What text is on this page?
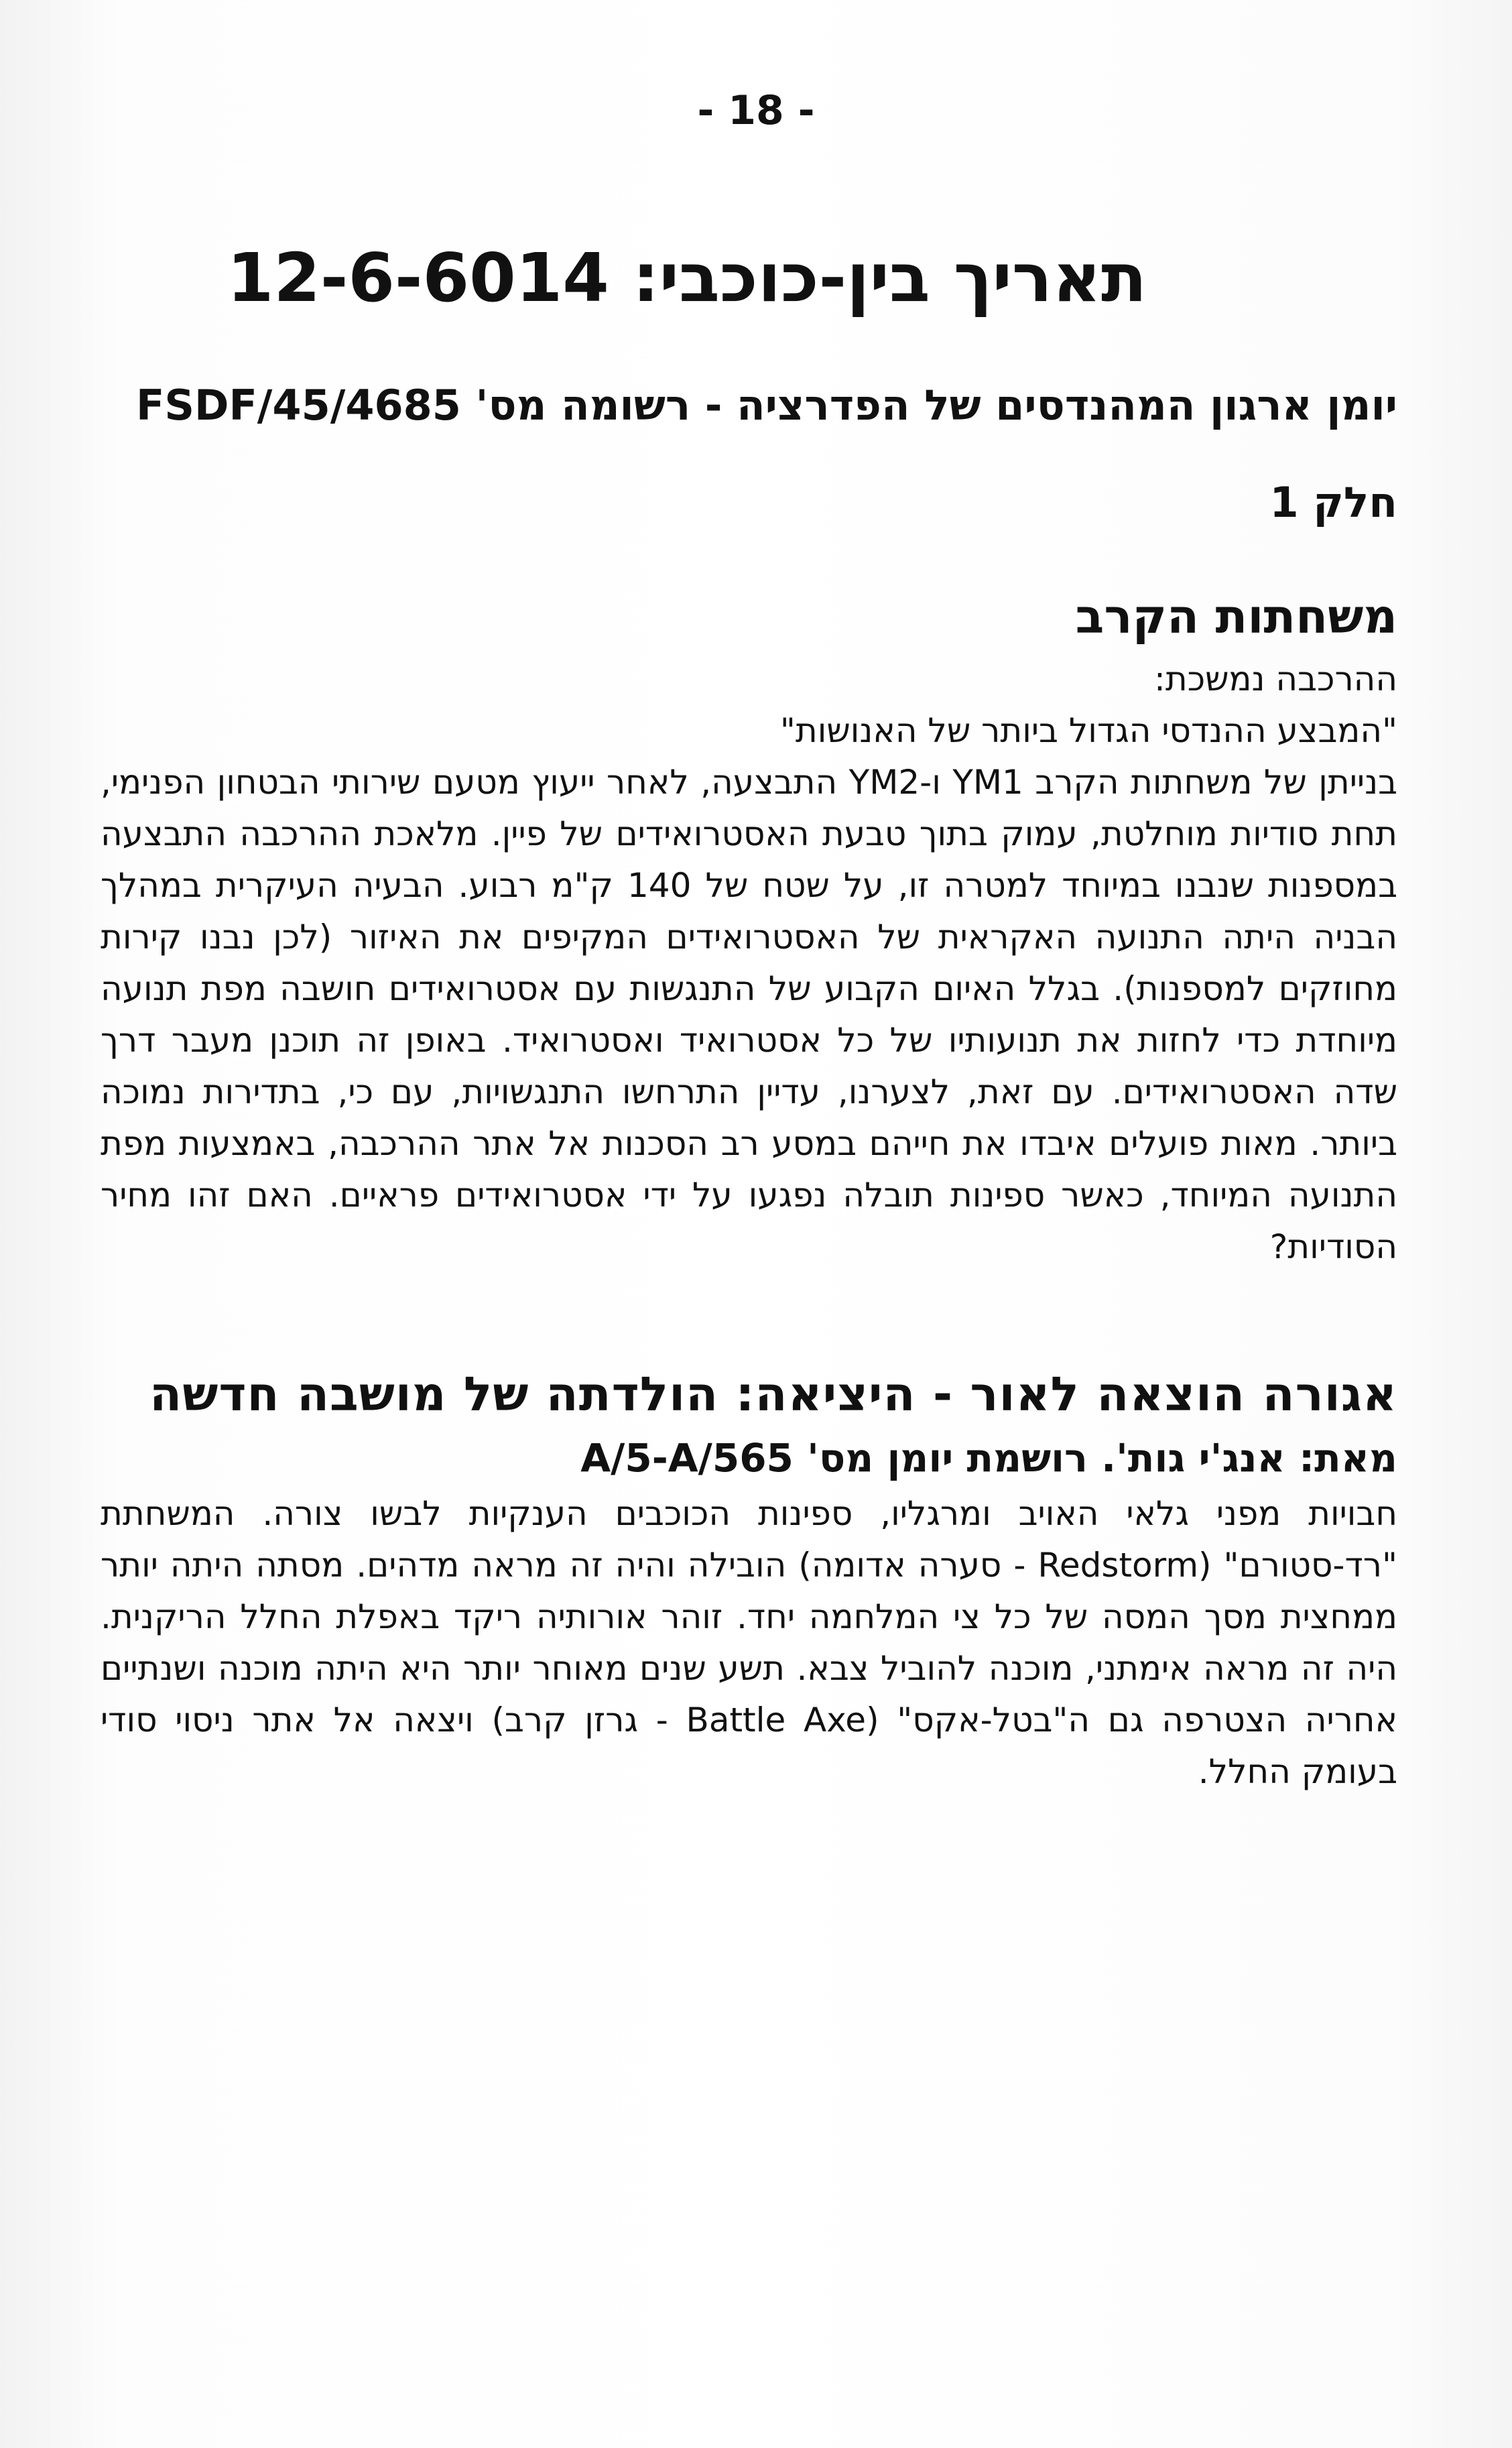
- 18 -
תאריך בין-כוכבי: 12-6-6014
יומן ארגון המהנדסים של הפדרציה - רשומה מס' 4685/FSDF/45
חלק 1
משחתות הקרב

ההרכבה נמשכת:

"המבצע ההנדסי הגדול ביותר של האנושות"

בנייתן של משחתות הקרב YM1 ו-YM2 התבצעה, לאחר ייעוץ מטעם שירותי הבטחון הפנימי, תחת סודיות מוחלטת, עמוק בתוך טבעת האסטרואידים של פיין. מלאכת ההרכבה התבצעה במספנות שנבנו במיוחד למטרה זו, על שטח של 140 ק"מ רבוע. הבעיה העיקרית במהלך הבניה היתה התנועה האקראית של האסטרואידים המקיפים את האיזור (לכן נבנו קירות מחוזקים למספנות). בגלל האיום הקבוע של התנגשות עם אסטרואידים חושבה מפת תנועה מיוחדת כדי לחזות את תנועותיו של כל אסטרואיד ואסטרואיד. באופן זה תוכנן מעבר דרך שדה האסטרואידים. עם זאת, לצערנו, עדיין התרחשו התנגשויות, עם כי, בתדירות נמוכה ביותר. מאות פועלים איבדו את חייהם במסע רב הסכנות אל אתר ההרכבה, באמצעות מפת התנועה המיוחד, כאשר ספינות תובלה נפגעו על ידי אסטרואידים פראיים. האם זהו מחיר הסודיות?

אגורה הוצאה לאור - היציאה: הולדתה של מושבה חדשה
מאת: אנג'י גות'. רושמת יומן מס' 565/A/5-A

חבויות מפני גלאי האויב ומרגליו, ספינות הכוכבים הענקיות לבשו צורה. המשחתת "רד-סטורם" (Redstorm - סערה אדומה) הובילה והיה זה מראה מדהים. מסתה היתה יותר ממחצית מסך המסה של כל צי המלחמה יחד. זוהר אורותיה ריקד באפלת החלל הריקנית. היה זה מראה אימתני, מוכנה להוביל צבא. תשע שנים מאוחר יותר היא היתה מוכנה ושנתיים אחריה הצטרפה גם ה"בטל-אקס" (Battle Axe - גרזן קרב) ויצאה אל אתר ניסוי סודי בעומק החלל.
